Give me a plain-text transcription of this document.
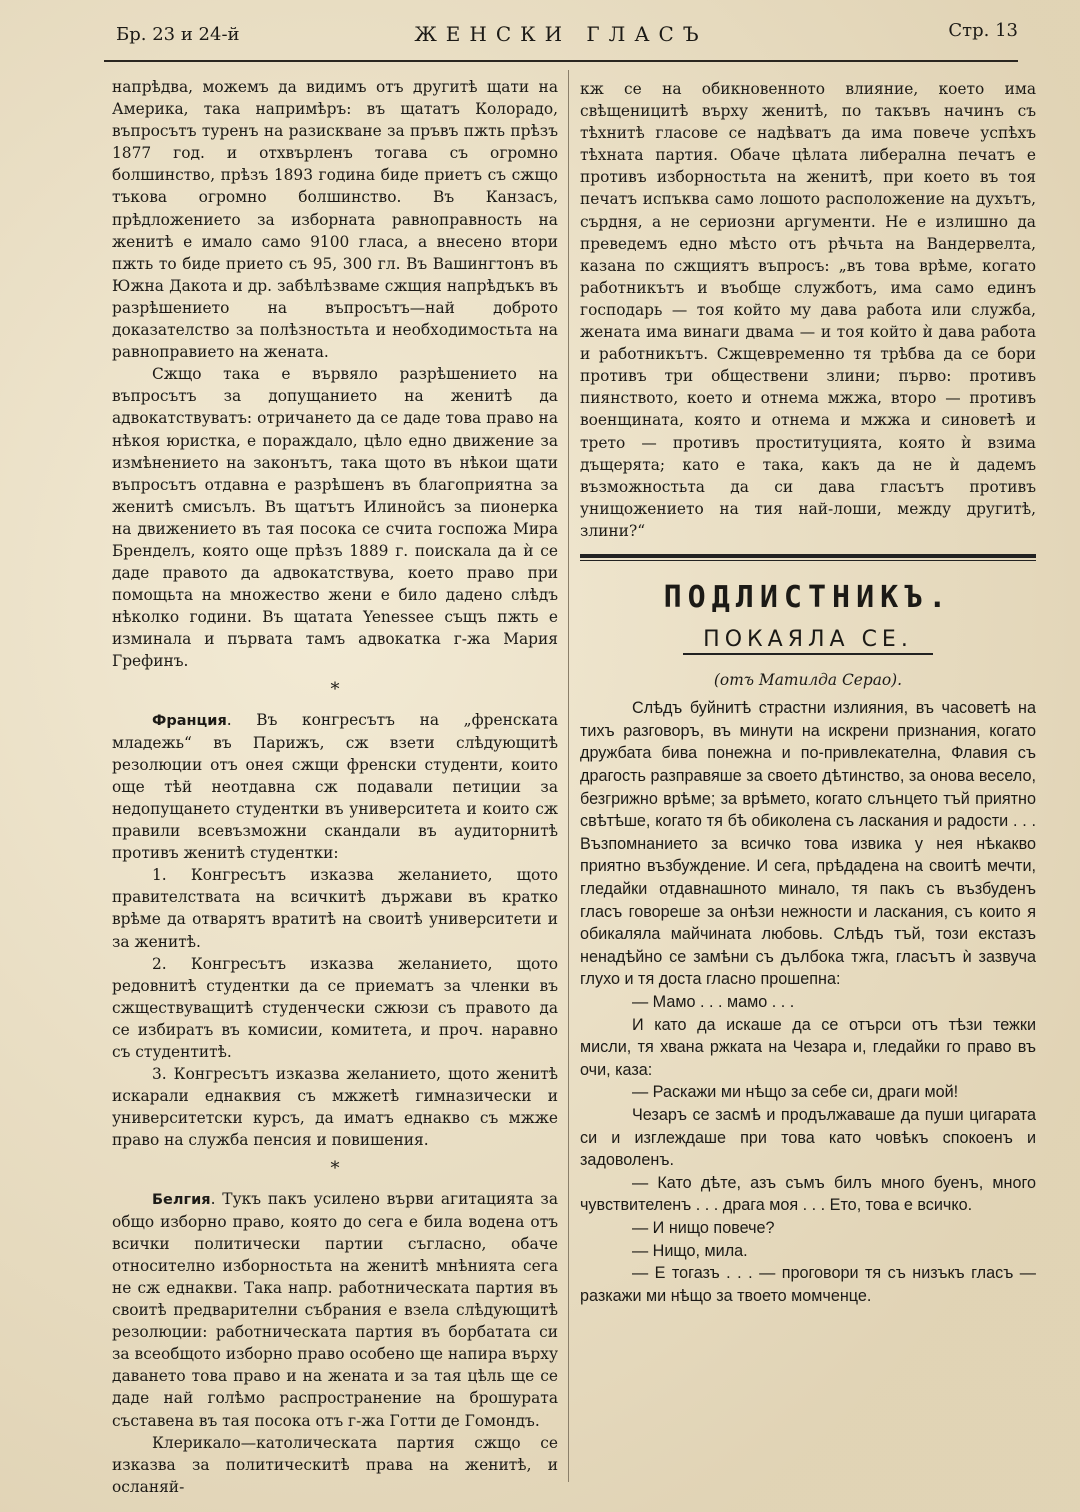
Бр. 23 и 24-й	ЖЕНСКИ ГЛАСЪ	Стр. 13

напрѣдва, можемъ да видимъ отъ другитѣ щати на Америка, така напримѣръ: въ щататъ Колорадо, въпросътъ туренъ на разискване за пръвъ пжть прѣзъ 1877 год. и отхвърленъ тогава съ огромно болшинство, прѣзъ 1893 година биде приетъ съ сжщо тъкова огромно болшинство. Въ Канзасъ, прѣдложението за изборната равноправность на женитѣ е имало само 9100 гласа, а внесено втори пжть то биде приeто съ 95, 300 гл. Въ Вашингтонъ въ Южна Дакота и др. забѣлѣзваме сжщия напрѣдъкъ въ разрѣшението на въпросътъ—най доброто доказателство за полѣзностьта и необходимостьта на равноправието на жената.

Сжщо така е вървяло разрѣшението на въпросътъ за допущанието на женитѣ да адвокатствуватъ: отричането да се даде това право на нѣкоя юристка, е пораждало, цѣло едно движение за измѣнението на законътъ, така щото въ нѣкои щати въпросътъ отдавна е разрѣшенъ въ благоприятна за женитѣ смисълъ. Въ щатътъ Илинойсъ за пионерка на движението въ тая посока се счита госпожа Мира Бренделъ, която още прѣзъ 1889 г. поискала да ѝ се даде правото да адвокатствува, което право при помощьта на множество жени е било дадено слѣдъ нѣколко години. Въ щатата Yenessee същъ пжть е изминала и първата тамъ адвокатка г-жа Мария Грефинъ.

*

Франция. Въ конгресътъ на „френската младежь“ въ Парижъ, сж взети слѣдующитѣ резолюции отъ онея сжщи френски студенти, които още тѣй неотдавна сж подавали петиции за недопущането студентки въ университета и които сж правили всевъзможни скандали въ аудиторнитѣ противъ женитѣ студентки:

1. Конгресътъ изказва желанието, щото правителствата на всичкитѣ държави въ кратко врѣме да отварятъ вратитѣ на своитѣ университети и за женитѣ.

2. Конгресътъ изказва желанието, щото редовнитѣ студентки да се приематъ за членки въ сжществуващитѣ студенчески сжюзи съ правото да се избиратъ въ комисии, комитета, и проч. наравно съ студентитѣ.

3. Конгресътъ изказва желанието, щото женитѣ искарали еднаквия съ мжжетѣ гимназически и университетски курсъ, да иматъ еднакво съ мжже право на служба пенсия и повишения.

*

Белгия. Тукъ пакъ усилено върви агитацията за общо изборно право, която до сега е била водена отъ всички политически партии съгласно, обаче относително изборностьта на женитѣ мнѣнията сега не сж еднакви. Така напр. работническата партия въ своитѣ предварителни събрания е взела слѣдующитѣ резолюции: работническата партия въ борбатата си за всеобщото изборно право особено ще напира върху даването това право и на жената и за тая цѣль ще се даде най голѣмо распространение на брошурата съставена въ тая посока отъ г-жа Готти де Гомондъ.

Клерикало—католическата партия сжщо се изказва за политическитѣ права на женитѣ, и осланяй-

кж се на обикновенното влияние, което има свѣщеницитѣ върху женитѣ, по такъвъ начинъ съ тѣхнитѣ гласове се надѣватъ да има повече успѣхъ тѣхната партия. Обаче цѣлата либерална печатъ е противъ изборностьта на женитѣ, при което въ тоя печатъ испъква само лошото расположение на духътъ, сърдня, а не сериозни аргументи. Не е излишно да преведемъ едно мѣсто отъ рѣчьта на Вандервелта, казана по сжщиятъ въпросъ: „въ това врѣме, когато работникътъ и въобще служботъ, има само единъ господарь — тоя който му дава работа или служба, жената има винаги двама — и тоя който ѝ дава работа и работникътъ. Сжщевременно тя трѣбва да се бори противъ три обществени злини; първо: противъ пиянството, което и отнема мжжа, второ — противъ военщината, която и отнема и мжжа и синоветѣ и трето — противъ проституцията, която ѝ взима дъщерята; като е така, какъ да не ѝ дадемъ възможностьта да си дава гласътъ противъ унищожението на тия най-лоши, между другитѣ, злини?“

ПОДЛИСТНИКЪ.
ПОКАЯЛА СЕ.
(отъ Матилда Серао).

Слѣдъ буйнитѣ страстни излияния, въ часоветѣ на тихъ разговоръ, въ минути на искрени признания, когато дружбата бива понежна и по-привлекателна, Флавия съ драгость разправяше за своето дѣтинство, за онова весело, безгрижно врѣме; за врѣмето, когато слънцето тъй приятно свѣтѣше, когато тя бѣ обиколена съ ласкания и радости . . . Възпомнанието за всичко това извика у нея нѣкакво приятно възбуждение. И сега, прѣдадена на своитѣ мечти, гледайки отдавнашното минало, тя пакъ съ възбуденъ гласъ говореше за онѣзи нежности и ласкания, съ които я обикаляла майчината любовь. Слѣдъ тъй, този екстазъ ненадѣйно се замѣни съ дълбока тжга, гласътъ ѝ зазвуча глухо и тя доста гласно прошепна:

— Мамо . . . мамо . . .

И като да искаше да се отърси отъ тѣзи тежки мисли, тя хвана ржката на Чезара и, гледайки го право въ очи, каза:

— Раскажи ми нѣщо за себе си, драги мой!

Чезаръ се засмѣ и продължаваше да пуши цигарата си и изглеждаше при това като човѣкъ спокоенъ и задоволенъ.

— Като дѣте, азъ съмъ билъ много буенъ, много чувствителенъ . . . драга моя . . . Ето, това е всичко.

— И нищо повече?

— Нищо, мила.

— Е тогазъ . . . — проговори тя съ низъкъ гласъ — разкажи ми нѣщо за твоето момченце.
